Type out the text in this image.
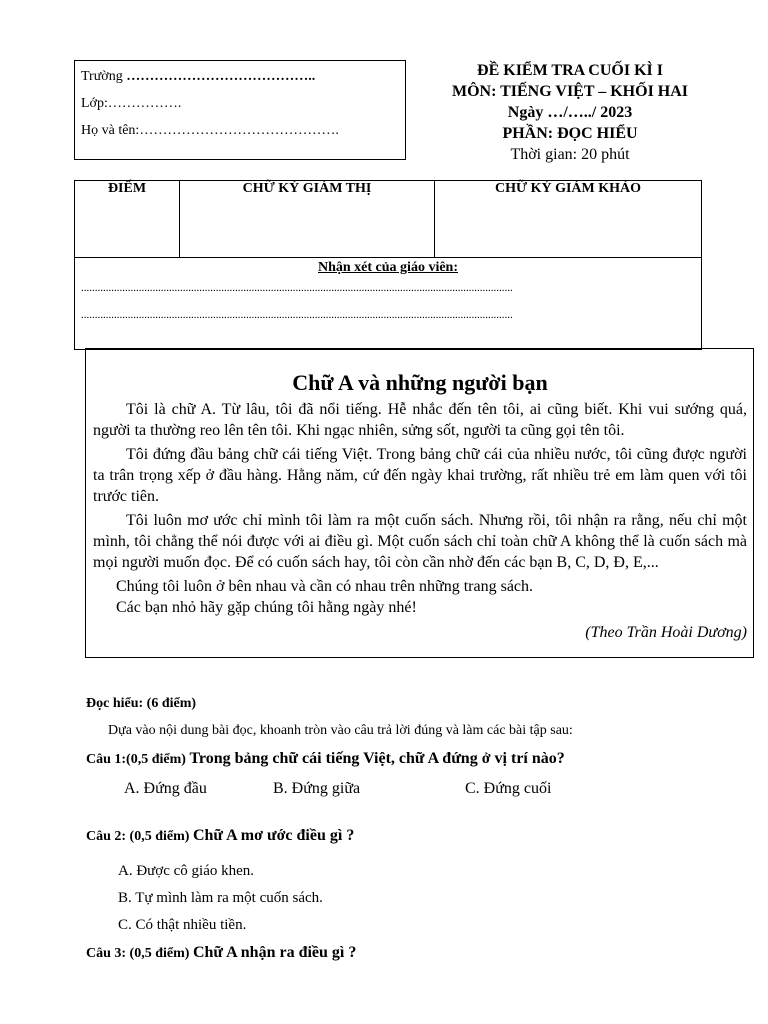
Trường …………………………………..
Lớp:…………….
Họ và tên:…………………………………….
ĐỀ KIỂM TRA CUỐI KÌ I
MÔN: TIẾNG VIỆT – KHỐI HAI
Ngày …/…../ 2023
PHẦN: ĐỌC HIỂU
Thời gian: 20 phút
ĐIỂM	CHỮ KÝ GIÁM THỊ	CHỮ KÝ GIÁM KHẢO

Nhận xét của giáo viên:
.............................................................................................................................................................
.............................................................................................................................................................
Chữ A và những người bạn

Tôi là chữ A. Từ lâu, tôi đã nổi tiếng. Hễ nhắc đến tên tôi, ai cũng biết. Khi vui sướng quá, người ta thường reo lên tên tôi. Khi ngạc nhiên, sửng sốt, người ta cũng gọi tên tôi.

Tôi đứng đầu bảng chữ cái tiếng Việt. Trong bảng chữ cái của nhiều nước, tôi cũng được người ta trân trọng xếp ở đầu hàng. Hằng năm, cứ đến ngày khai trường, rất nhiều trẻ em làm quen với tôi trước tiên.

Tôi luôn mơ ước chỉ mình tôi làm ra một cuốn sách. Nhưng rồi, tôi nhận ra rằng, nếu chỉ một mình, tôi chẳng thể nói được với ai điều gì. Một cuốn sách chỉ toàn chữ A không thể là cuốn sách mà mọi người muốn đọc. Để có cuốn sách hay, tôi còn cần nhờ đến các bạn B, C, D, Đ, E,...

Chúng tôi luôn ở bên nhau và cần có nhau trên những trang sách.

Các bạn nhỏ hãy gặp chúng tôi hằng ngày nhé!

(Theo Trần Hoài Dương)
Đọc hiểu: (6 điểm)
Dựa vào nội dung bài đọc, khoanh tròn vào câu trả lời đúng và làm các bài tập sau:
Câu 1:(0,5 điểm) Trong bảng chữ cái tiếng Việt, chữ A đứng ở vị trí nào?
A. Đứng đầu	B. Đứng giữa	C. Đứng cuối
Câu 2: (0,5 điểm) Chữ A mơ ước điều gì ?
A. Được cô giáo khen.
B. Tự mình làm ra một cuốn sách.
C. Có thật nhiều tiền.
Câu 3: (0,5 điểm) Chữ A nhận ra điều gì ?
